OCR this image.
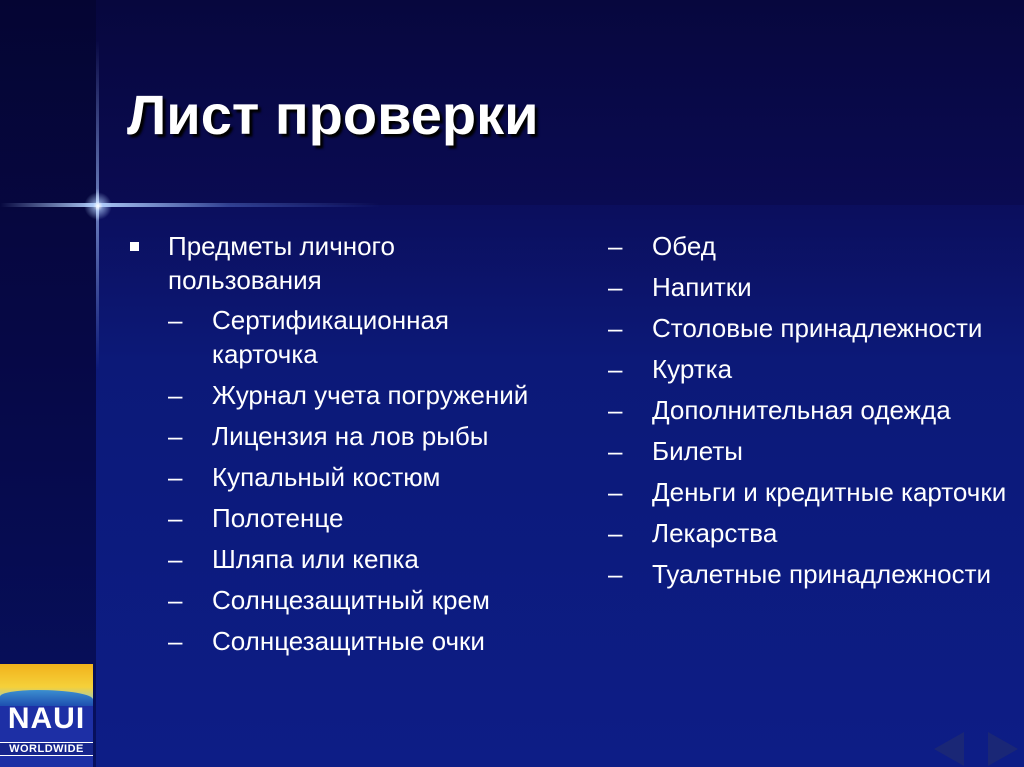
Лист проверки
Предметы личного пользования
– Сертификационная карточка
– Журнал учета погружений
– Лицензия на лов рыбы
– Купальный костюм
– Полотенце
– Шляпа или кепка
– Солнцезащитный крем
– Солнцезащитные очки
– Обед
– Напитки
– Столовые принадлежности
– Куртка
– Дополнительная одежда
– Билеты
– Деньги и кредитные карточки
– Лекарства
– Туалетные принадлежности
NAUI
WORLDWIDE
